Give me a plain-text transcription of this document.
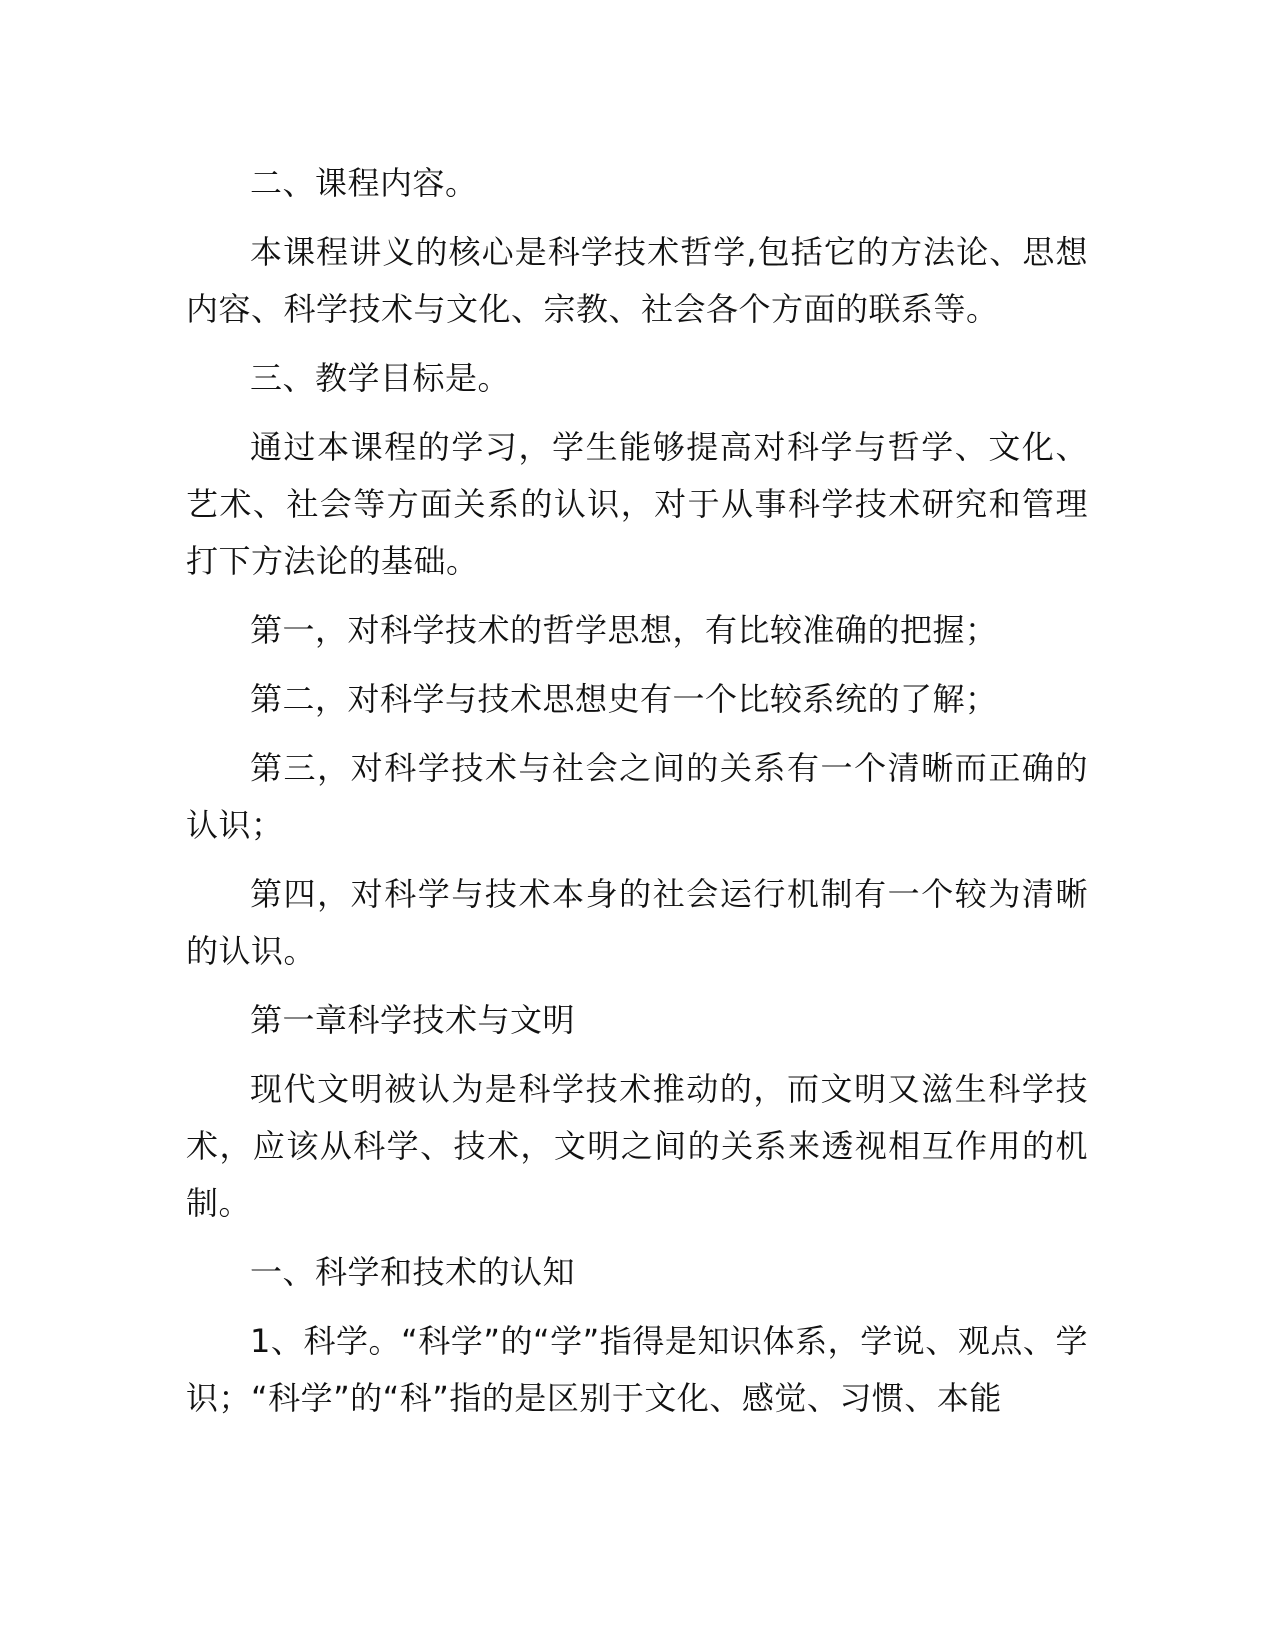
二、课程内容。

本课程讲义的核心是科学技术哲学,包括它的方法论、思想内容、科学技术与文化、宗教、社会各个方面的联系等。

三、教学目标是。

通过本课程的学习，学生能够提高对科学与哲学、文化、艺术、社会等方面关系的认识，对于从事科学技术研究和管理打下方法论的基础。

第一，对科学技术的哲学思想，有比较准确的把握；

第二，对科学与技术思想史有一个比较系统的了解；

第三，对科学技术与社会之间的关系有一个清晰而正确的认识；

第四，对科学与技术本身的社会运行机制有一个较为清晰的认识。

第一章科学技术与文明

现代文明被认为是科学技术推动的，而文明又滋生科学技术，应该从科学、技术，文明之间的关系来透视相互作用的机制。

一、科学和技术的认知

1、科学。“科学”的“学”指得是知识体系，学说、观点、学识；“科学”的“科”指的是区别于文化、感觉、习惯、本能
